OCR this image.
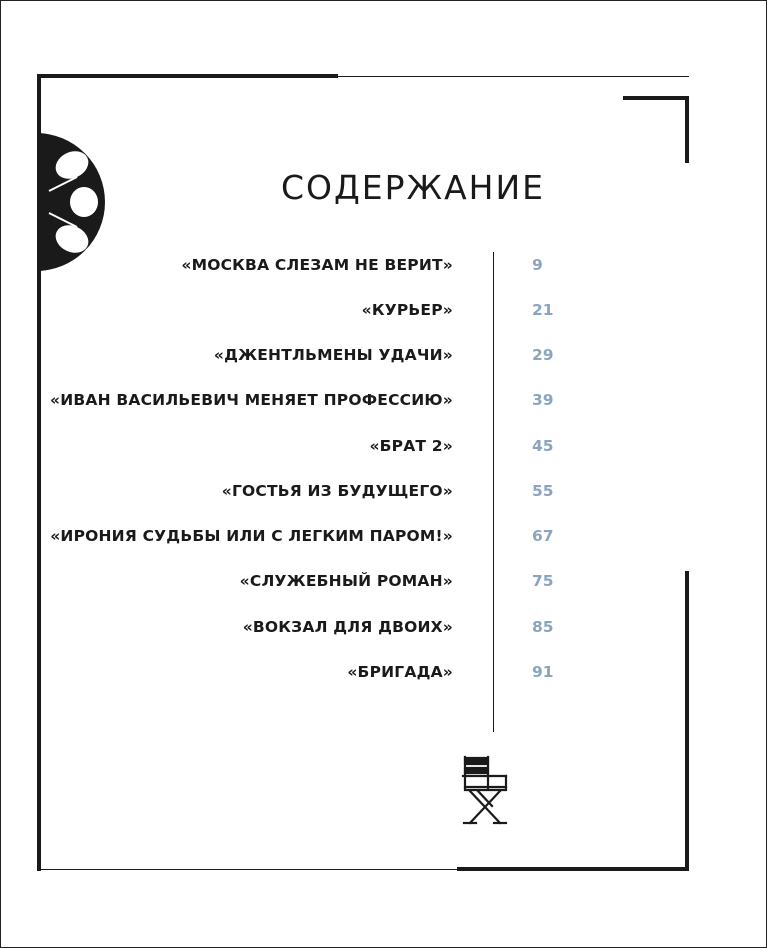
СОДЕРЖАНИЕ
«МОСКВА СЛЕЗАМ НЕ ВЕРИТ»	9
«КУРЬЕР»	21
«ДЖЕНТЛЬМЕНЫ УДАЧИ»	29
«ИВАН ВАСИЛЬЕВИЧ МЕНЯЕТ ПРОФЕССИЮ»	39
«БРАТ 2»	45
«ГОСТЬЯ ИЗ БУДУЩЕГО»	55
«ИРОНИЯ СУДЬБЫ ИЛИ С ЛЕГКИМ ПАРОМ!»	67
«СЛУЖЕБНЫЙ РОМАН»	75
«ВОКЗАЛ ДЛЯ ДВОИХ»	85
«БРИГАДА»	91
